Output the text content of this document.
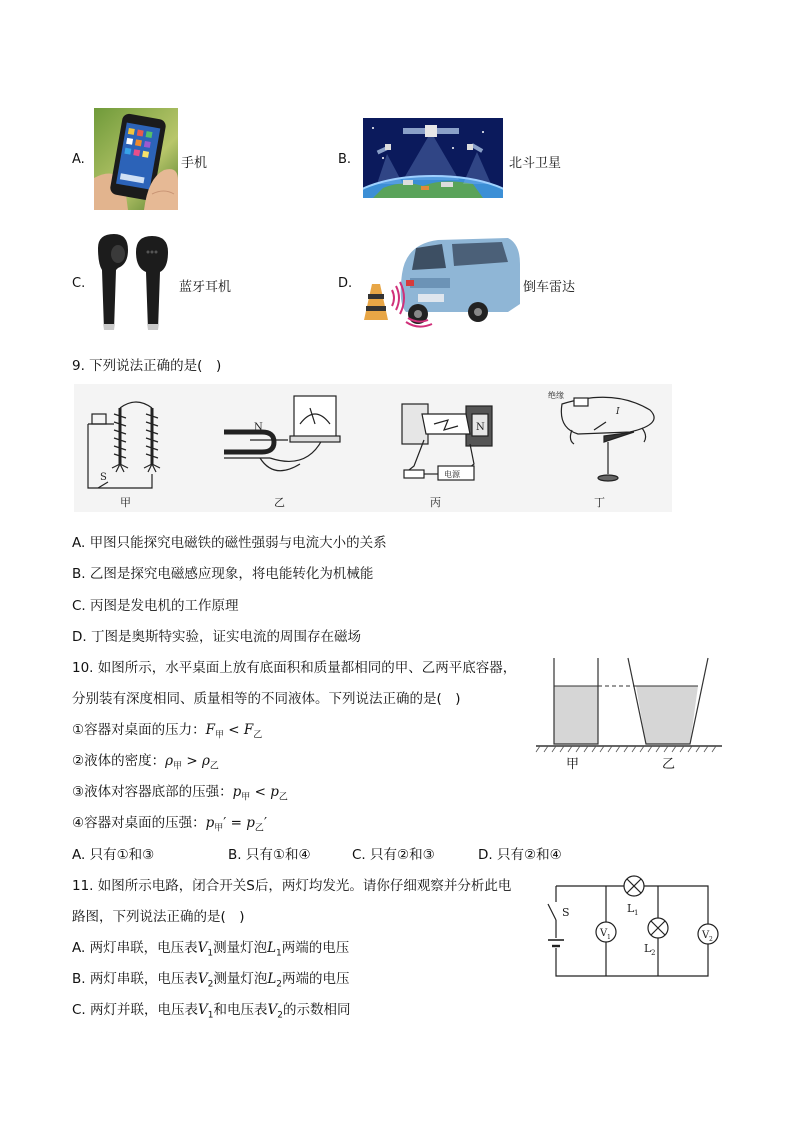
A.	手机	B.	北斗卫星
C.	蓝牙耳机	D.	倒车雷达
9. 下列说法正确的是(　)
S
甲
N
乙
N
电源
丙
绝缘
I
丁
A. 甲图只能探究电磁铁的磁性强弱与电流大小的关系
B. 乙图是探究电磁感应现象，将电能转化为机械能
C. 丙图是发电机的工作原理
D. 丁图是奥斯特实验，证实电流的周围存在磁场
10. 如图所示，水平桌面上放有底面积和质量都相同的甲、乙两平底容器，
分别装有深度相同、质量相等的不同液体。下列说法正确的是(　)
①容器对桌面的压力：$F_甲 < F_乙$
②液体的密度：$\rho_甲 > \rho_乙$
③液体对容器底部的压强：$p_甲 < p_乙$
④容器对桌面的压强：$p_甲' = p_乙'$
A. 只有①和③	B. 只有①和④	C. 只有②和③	D. 只有②和④
甲	乙
11. 如图所示电路，闭合开关S后，两灯均发光。请你仔细观察并分析此电
路图，下列说法正确的是(　)
A. 两灯串联，电压表$V_1$测量灯泡$L_1$两端的电压
B. 两灯串联，电压表$V_2$测量灯泡$L_2$两端的电压
C. 两灯并联，电压表$V_1$和电压表$V_2$的示数相同
S	L 1
L 2
V 1	V 2
